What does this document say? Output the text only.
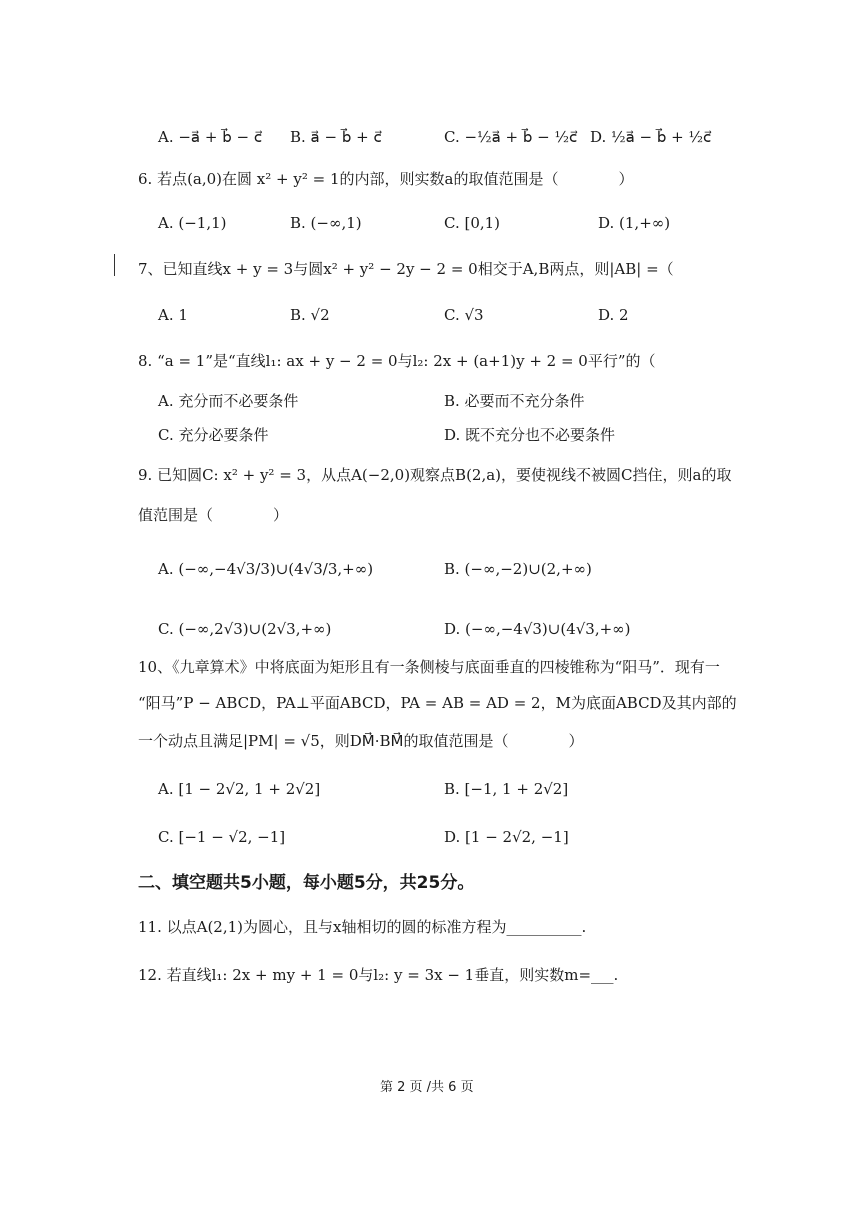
A. −a⃗ + b⃗ − c⃗ B. a⃗ − b⃗ + c⃗	C. −½a⃗ + b⃗ − ½c⃗ D. ½a⃗ − b⃗ + ½c⃗
6. 若点(a,0)在圆 x² + y² = 1的内部，则实数a的取值范围是（　　　　）
A. (−1,1)	B. (−∞,1)	C. [0,1)	D. (1,+∞)
7、已知直线x + y = 3与圆x² + y² − 2y − 2 = 0相交于A,B两点，则|AB| =（
A. 1	B. √2	C. √3	D. 2
8. “a = 1”是“直线l₁: ax + y − 2 = 0与l₂: 2x + (a+1)y + 2 = 0平行”的（
A. 充分而不必要条件	B. 必要而不充分条件
C. 充分必要条件	D. 既不充分也不必要条件
9. 已知圆C: x² + y² = 3，从点A(−2,0)观察点B(2,a)，要使视线不被圆C挡住，则a的取
值范围是（　　　　）
A. (−∞,−4√3/3)∪(4√3/3,+∞)	B. (−∞,−2)∪(2,+∞)
C. (−∞,2√3)∪(2√3,+∞)	D. (−∞,−4√3)∪(4√3,+∞)
10、《九章算术》中将底面为矩形且有一条侧棱与底面垂直的四棱锥称为“阳马”．现有一
“阳马”P − ABCD，PA⊥平面ABCD，PA = AB = AD = 2，M为底面ABCD及其内部的
一个动点且满足|PM| = √5，则DM⃗·BM⃗的取值范围是（　　　　）
A. [1 − 2√2, 1 + 2√2]	B. [−1, 1 + 2√2]
C. [−1 − √2, −1]	D. [1 − 2√2, −1]
二、填空题共5小题，每小题5分，共25分。
11. 以点A(2,1)为圆心，且与x轴相切的圆的标准方程为__________.
12. 若直线l₁: 2x + my + 1 = 0与l₂: y = 3x − 1垂直，则实数m=___.
第 2 页 /共 6 页
